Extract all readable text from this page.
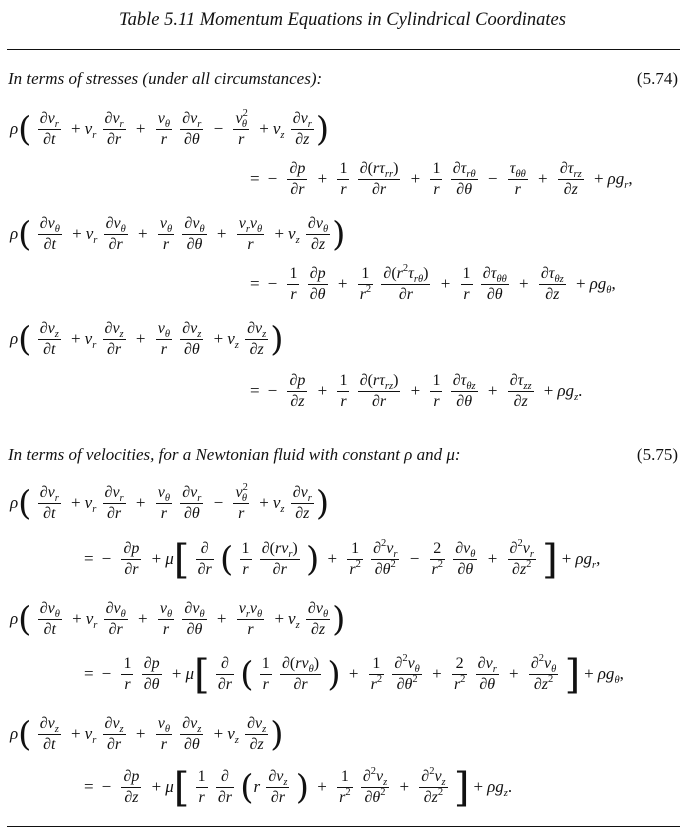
Table 5.11 Momentum Equations in Cylindrical Coordinates
In terms of stresses (under all circumstances):	(5.74)
$\rho( \frac{\partial v_r}{\partial t} + v_r \frac{\partial v_r}{\partial r} + \frac{v_\theta}{r}$
$\frac{\partial v_r}{\partial\theta} - \frac{v^2_\theta}{r} + v_z \frac{\partial v_r}{\partial z}$ )
= − $\frac{\partial p}{\partial r} + \frac{1}{r}$
$\frac{\partial(r\tau_{rr})}{\partial r} + \frac{1}{r}$
$\frac{\partial\tau_{r\theta}}{\partial\theta} - \frac{\tau_{\theta\theta}}{r} + \frac{\partial\tau_{rz}}{\partial z} + \rho g_r$,
$\rho( \frac{\partial v_\theta}{\partial t} + v_r \frac{\partial v_\theta}{\partial r} + \frac{v_\theta}{r}$
$\frac{\partial v_\theta}{\partial\theta} + \frac{v_rv_\theta}{r} + v_z \frac{\partial v_\theta}{\partial z}$ )
= − $\frac{1}{r}$
$\frac{\partial p}{\partial\theta} + \frac{1}{r^2}$
$\frac{\partial(r^2\tau_{r\theta})}{\partial r} + \frac{1}{r}$
$\frac{\partial\tau_{\theta\theta}}{\partial\theta} + \frac{\partial\tau_{\theta z}}{\partial z} + \rho g_\theta$,
$\rho( \frac{\partial v_z}{\partial t} + v_r \frac{\partial v_z}{\partial r} + \frac{v_\theta}{r}$
$\frac{\partial v_z}{\partial\theta} + v_z \frac{\partial v_z}{\partial z}$ )
= − $\frac{\partial p}{\partial z} + \frac{1}{r}$
$\frac{\partial(r\tau_{rz})}{\partial r} + \frac{1}{r}$
$\frac{\partial\tau_{\theta z}}{\partial\theta} + \frac{\partial\tau_{zz}}{\partial z} + \rho g_z$.
In terms of velocities, for a Newtonian fluid with constant ρ and μ:	(5.75)
$\rho( \frac{\partial v_r}{\partial t} + v_r \frac{\partial v_r}{\partial r} + \frac{v_\theta}{r}$
$\frac{\partial v_r}{\partial\theta} - \frac{v^2_\theta}{r} + v_z \frac{\partial v_r}{\partial z}$ )
= − $\frac{\partial p}{\partial r} + \mu[ \frac{\partial}{\partial r}$ ( $\frac{1}{r}$
$\frac{\partial(rv_r)}{\partial r}$ ) + $\frac{1}{r^2}$
$\frac{\partial^2v_r}{\partial\theta^2} - \frac{2}{r^2}$
$\frac{\partial v_\theta}{\partial\theta} + \frac{\partial^2v_r}{\partial z^2}$ ] + $\rho g_r$,
$\rho( \frac{\partial v_\theta}{\partial t} + v_r \frac{\partial v_\theta}{\partial r} + \frac{v_\theta}{r}$
$\frac{\partial v_\theta}{\partial\theta} + \frac{v_rv_\theta}{r} + v_z \frac{\partial v_\theta}{\partial z}$ )
= − $\frac{1}{r}$
$\frac{\partial p}{\partial\theta} + \mu[ \frac{\partial}{\partial r}$ ( $\frac{1}{r}$
$\frac{\partial(rv_\theta)}{\partial r}$ ) + $\frac{1}{r^2}$
$\frac{\partial^2v_\theta}{\partial\theta^2} + \frac{2}{r^2}$
$\frac{\partial v_r}{\partial\theta} + \frac{\partial^2v_\theta}{\partial z^2}$ ] + $\rho g_\theta$,
$\rho( \frac{\partial v_z}{\partial t} + v_r \frac{\partial v_z}{\partial r} + \frac{v_\theta}{r}$
$\frac{\partial v_z}{\partial\theta} + v_z \frac{\partial v_z}{\partial z}$ )
= − $\frac{\partial p}{\partial z} + \mu[ \frac{1}{r}$
$\frac{\partial}{\partial r} (r \frac{\partial v_z}{\partial r}$ ) + $\frac{1}{r^2}$
$\frac{\partial^2v_z}{\partial\theta^2} + \frac{\partial^2v_z}{\partial z^2}$ ] + $\rho g_z$.
